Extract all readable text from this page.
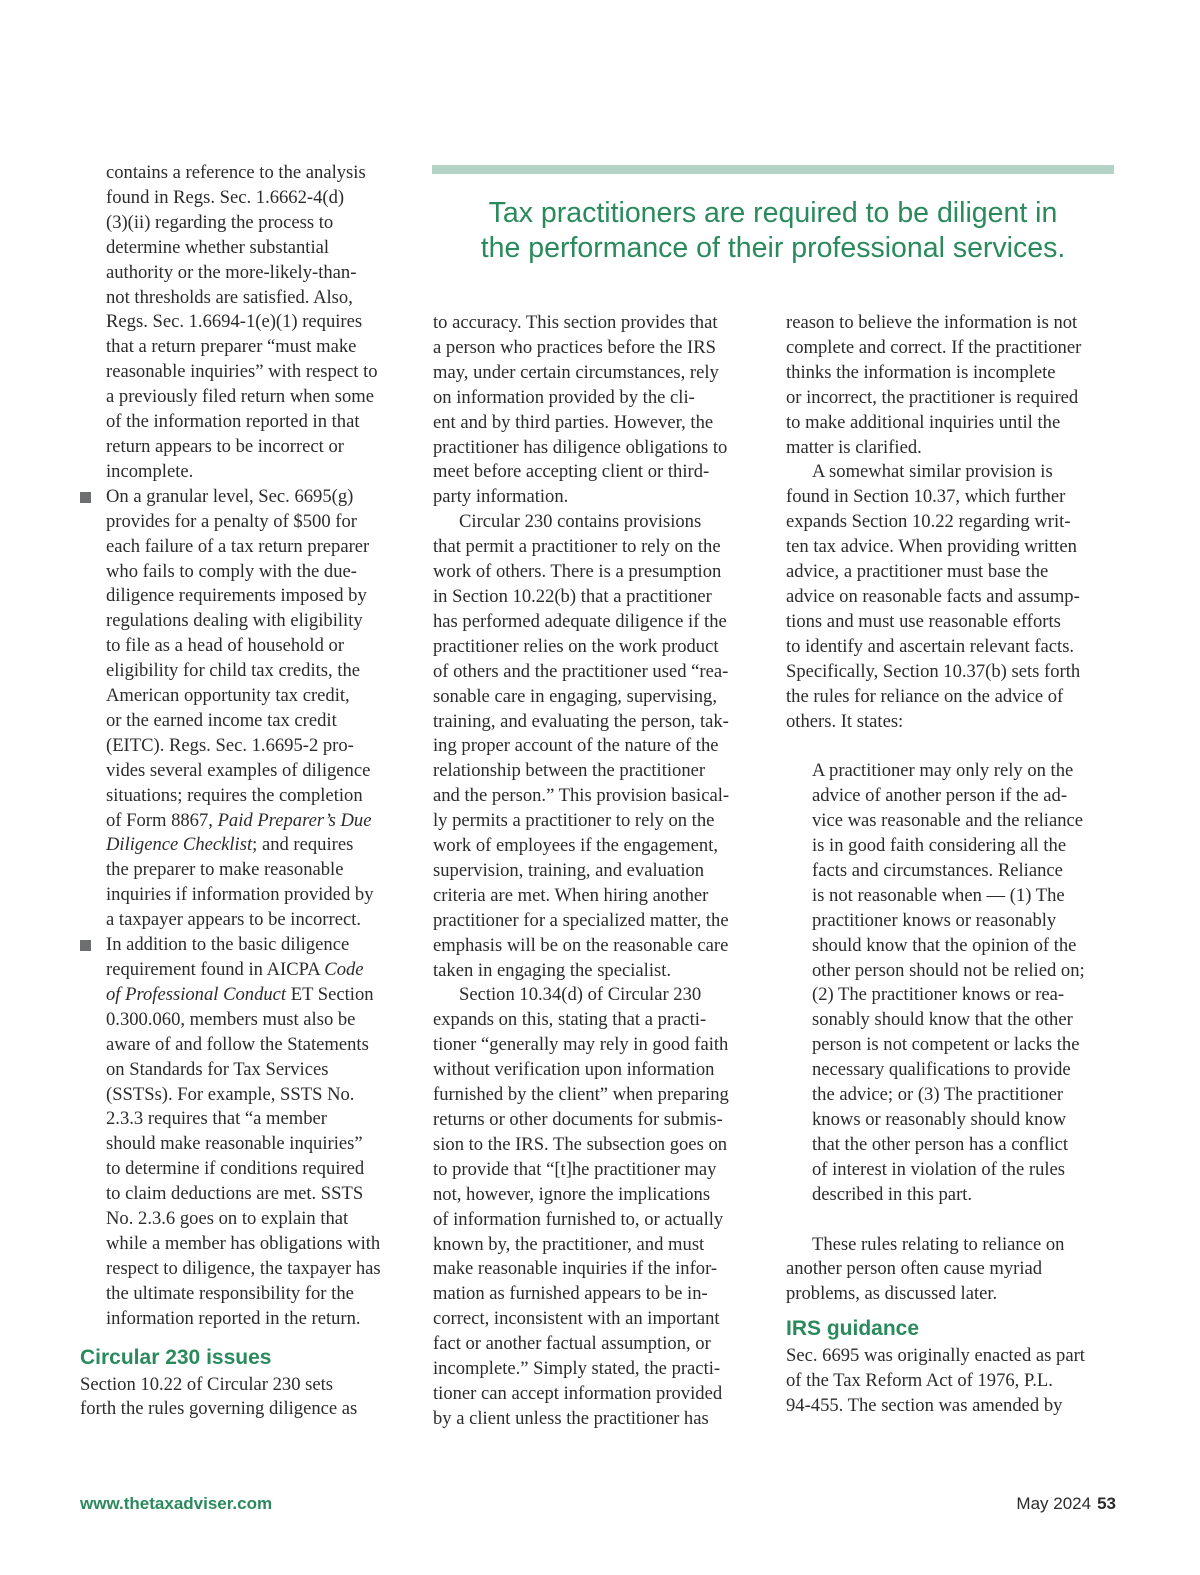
Tax practitioners are required to be diligent in
the performance of their professional services.
contains a reference to the analysis
found in Regs. Sec. 1.6662-4(d)
(3)(ii) regarding the process to
determine whether substantial
authority or the more-likely-than-
not thresholds are satisfied. Also,
Regs. Sec. 1.6694-1(e)(1) requires
that a return preparer “must make
reasonable inquiries” with respect to
a previously filed return when some
of the information reported in that
return appears to be incorrect or
incomplete.
On a granular level, Sec. 6695(g)
provides for a penalty of $500 for
each failure of a tax return preparer
who fails to comply with the due-
diligence requirements imposed by
regulations dealing with eligibility
to file as a head of household or
eligibility for child tax credits, the
American opportunity tax credit,
or the earned income tax credit
(EITC). Regs. Sec. 1.6695-2 pro-
vides several examples of diligence
situations; requires the completion
of Form 8867, Paid Preparer’s Due
Diligence Checklist; and requires
the preparer to make reasonable
inquiries if information provided by
a taxpayer appears to be incorrect.
In addition to the basic diligence
requirement found in AICPA Code
of Professional Conduct ET Section
0.300.060, members must also be
aware of and follow the Statements
on Standards for Tax Services
(SSTSs). For example, SSTS No.
2.3.3 requires that “a member
should make reasonable inquiries”
to determine if conditions required
to claim deductions are met. SSTS
No. 2.3.6 goes on to explain that
while a member has obligations with
respect to diligence, the taxpayer has
the ultimate responsibility for the
information reported in the return.
Circular 230 issues
Section 10.22 of Circular 230 sets
forth the rules governing diligence as
to accuracy. This section provides that
a person who practices before the IRS
may, under certain circumstances, rely
on information provided by the cli-
ent and by third parties. However, the
practitioner has diligence obligations to
meet before accepting client or third-
party information.
Circular 230 contains provisions
that permit a practitioner to rely on the
work of others. There is a presumption
in Section 10.22(b) that a practitioner
has performed adequate diligence if the
practitioner relies on the work product
of others and the practitioner used “rea-
sonable care in engaging, supervising,
training, and evaluating the person, tak-
ing proper account of the nature of the
relationship between the practitioner
and the person.” This provision basical-
ly permits a practitioner to rely on the
work of employees if the engagement,
supervision, training, and evaluation
criteria are met. When hiring another
practitioner for a specialized matter, the
emphasis will be on the reasonable care
taken in engaging the specialist.
Section 10.34(d) of Circular 230
expands on this, stating that a practi-
tioner “generally may rely in good faith
without verification upon information
furnished by the client” when preparing
returns or other documents for submis-
sion to the IRS. The subsection goes on
to provide that “[t]he practitioner may
not, however, ignore the implications
of information furnished to, or actually
known by, the practitioner, and must
make reasonable inquiries if the infor-
mation as furnished appears to be in-
correct, inconsistent with an important
fact or another factual assumption, or
incomplete.” Simply stated, the practi-
tioner can accept information provided
by a client unless the practitioner has
reason to believe the information is not
complete and correct. If the practitioner
thinks the information is incomplete
or incorrect, the practitioner is required
to make additional inquiries until the
matter is clarified.
A somewhat similar provision is
found in Section 10.37, which further
expands Section 10.22 regarding writ-
ten tax advice. When providing written
advice, a practitioner must base the
advice on reasonable facts and assump-
tions and must use reasonable efforts
to identify and ascertain relevant facts.
Specifically, Section 10.37(b) sets forth
the rules for reliance on the advice of
others. It states:
A practitioner may only rely on the
advice of another person if the ad-
vice was reasonable and the reliance
is in good faith considering all the
facts and circumstances. Reliance
is not reasonable when — (1) The
practitioner knows or reasonably
should know that the opinion of the
other person should not be relied on;
(2) The practitioner knows or rea-
sonably should know that the other
person is not competent or lacks the
necessary qualifications to provide
the advice; or (3) The practitioner
knows or reasonably should know
that the other person has a conflict
of interest in violation of the rules
described in this part.
These rules relating to reliance on
another person often cause myriad
problems, as discussed later.
IRS guidance
Sec. 6695 was originally enacted as part
of the Tax Reform Act of 1976, P.L.
94-455. The section was amended by
www.thetaxadviser.com	May 2024 53
